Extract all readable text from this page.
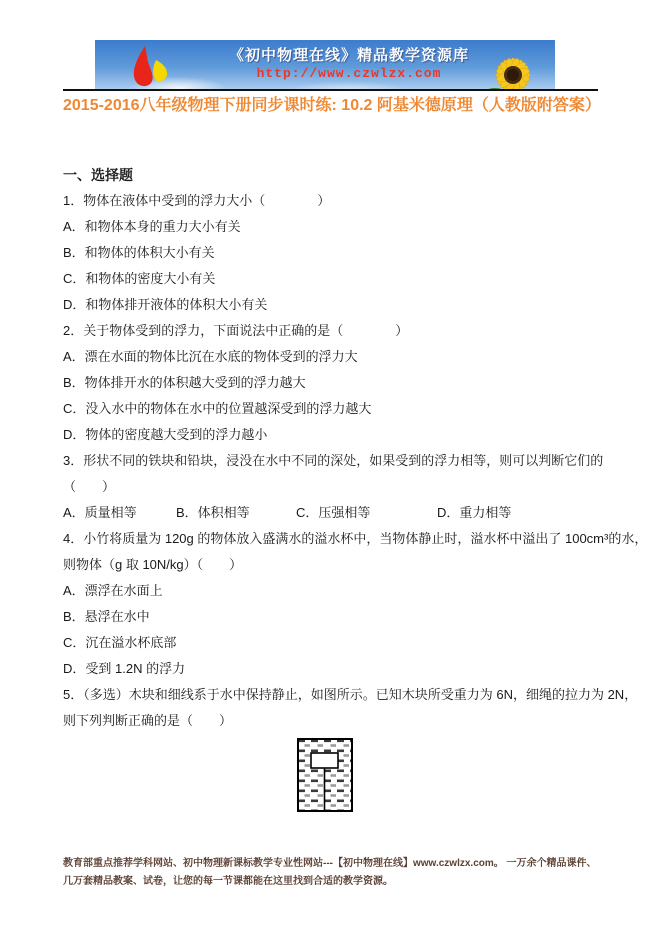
《初中物理在线》精品教学资源库
http://www.czwlzx.com
2015-2016八年级物理下册同步课时练: 10.2 阿基米德原理（人教版附答案）

一、选择题

1．物体在液体中受到的浮力大小（　　　　）

A．和物体本身的重力大小有关

B．和物体的体积大小有关

C．和物体的密度大小有关

D．和物体排开液体的体积大小有关

2．关于物体受到的浮力，下面说法中正确的是（　　　　）

A．漂在水面的物体比沉在水底的物体受到的浮力大

B．物体排开水的体积越大受到的浮力越大

C．没入水中的物体在水中的位置越深受到的浮力越大

D．物体的密度越大受到的浮力越小

3．形状不同的铁块和铅块，浸没在水中不同的深处，如果受到的浮力相等，则可以判断它们的

（　　）

A．质量相等	B．体积相等	C．压强相等	D．重力相等

4．小竹将质量为 120g 的物体放入盛满水的溢水杯中，当物体静止时，溢水杯中溢出了 100cm³的水，

则物体（g 取 10N/kg）（　　）

A．漂浮在水面上

B．悬浮在水中

C．沉在溢水杯底部

D．受到 1.2N 的浮力

5．（多选）木块和细线系于水中保持静止，如图所示。已知木块所受重力为 6N，细绳的拉力为 2N，

则下列判断正确的是（　　）

教育部重点推荐学科网站、初中物理新课标教学专业性网站---【初中物理在线】www.czwlzx.com。 一万余个精品课件、

几万套精品教案、试卷，让您的每一节课都能在这里找到合适的教学资源。
